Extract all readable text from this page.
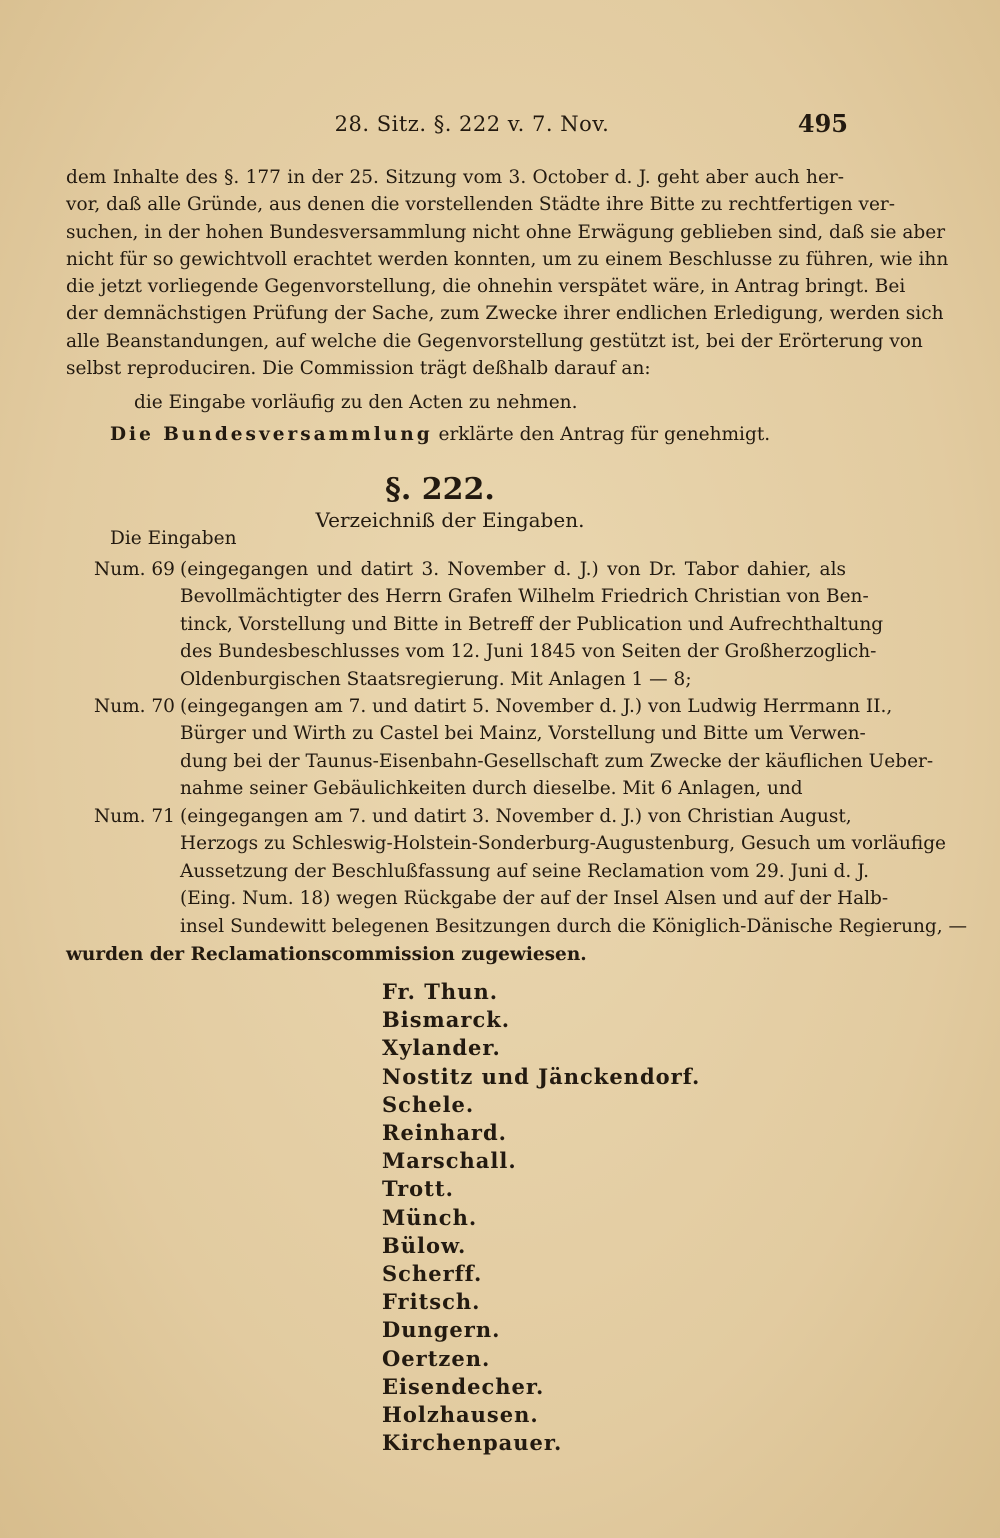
28. Sitz. §. 222 v. 7. Nov.	495
dem Inhalte des §. 177 in der 25. Sitzung vom 3. October d. J. geht aber auch her-
vor, daß alle Gründe, aus denen die vorstellenden Städte ihre Bitte zu rechtfertigen ver-
suchen, in der hohen Bundesversammlung nicht ohne Erwägung geblieben sind, daß sie aber
nicht für so gewichtvoll erachtet werden konnten, um zu einem Beschlusse zu führen, wie ihn
die jetzt vorliegende Gegenvorstellung, die ohnehin verspätet wäre, in Antrag bringt. Bei
der demnächstigen Prüfung der Sache, zum Zwecke ihrer endlichen Erledigung, werden sich
alle Beanstandungen, auf welche die Gegenvorstellung gestützt ist, bei der Erörterung von
selbst reproduciren. Die Commission trägt deßhalb darauf an:
die Eingabe vorläufig zu den Acten zu nehmen.
Die Bundesversammlung erklärte den Antrag für genehmigt.
§. 222.
Verzeichniß der Eingaben.
Die Eingaben
Num. 69 (eingegangen und datirt 3. November d. J.) von Dr. Tabor dahier, als
Bevollmächtigter des Herrn Grafen Wilhelm Friedrich Christian von Ben-
tinck, Vorstellung und Bitte in Betreff der Publication und Aufrechthaltung
des Bundesbeschlusses vom 12. Juni 1845 von Seiten der Großherzoglich-
Oldenburgischen Staatsregierung. Mit Anlagen 1 — 8;
Num. 70 (eingegangen am 7. und datirt 5. November d. J.) von Ludwig Herrmann II.,
Bürger und Wirth zu Castel bei Mainz, Vorstellung und Bitte um Verwen-
dung bei der Taunus-Eisenbahn-Gesellschaft zum Zwecke der käuflichen Ueber-
nahme seiner Gebäulichkeiten durch dieselbe. Mit 6 Anlagen, und
Num. 71 (eingegangen am 7. und datirt 3. November d. J.) von Christian August,
Herzogs zu Schleswig-Holstein-Sonderburg-Augustenburg, Gesuch um vorläufige
Aussetzung der Beschlußfassung auf seine Reclamation vom 29. Juni d. J.
(Eing. Num. 18) wegen Rückgabe der auf der Insel Alsen und auf der Halb-
insel Sundewitt belegenen Besitzungen durch die Königlich-Dänische Regierung, —
wurden der Reclamationscommission zugewiesen.
Fr. Thun.
Bismarck.
Xylander.
Nostitz und Jänckendorf.
Schele.
Reinhard.
Marschall.
Trott.
Münch.
Bülow.
Scherff.
Fritsch.
Dungern.
Oertzen.
Eisendecher.
Holzhausen.
Kirchenpauer.
